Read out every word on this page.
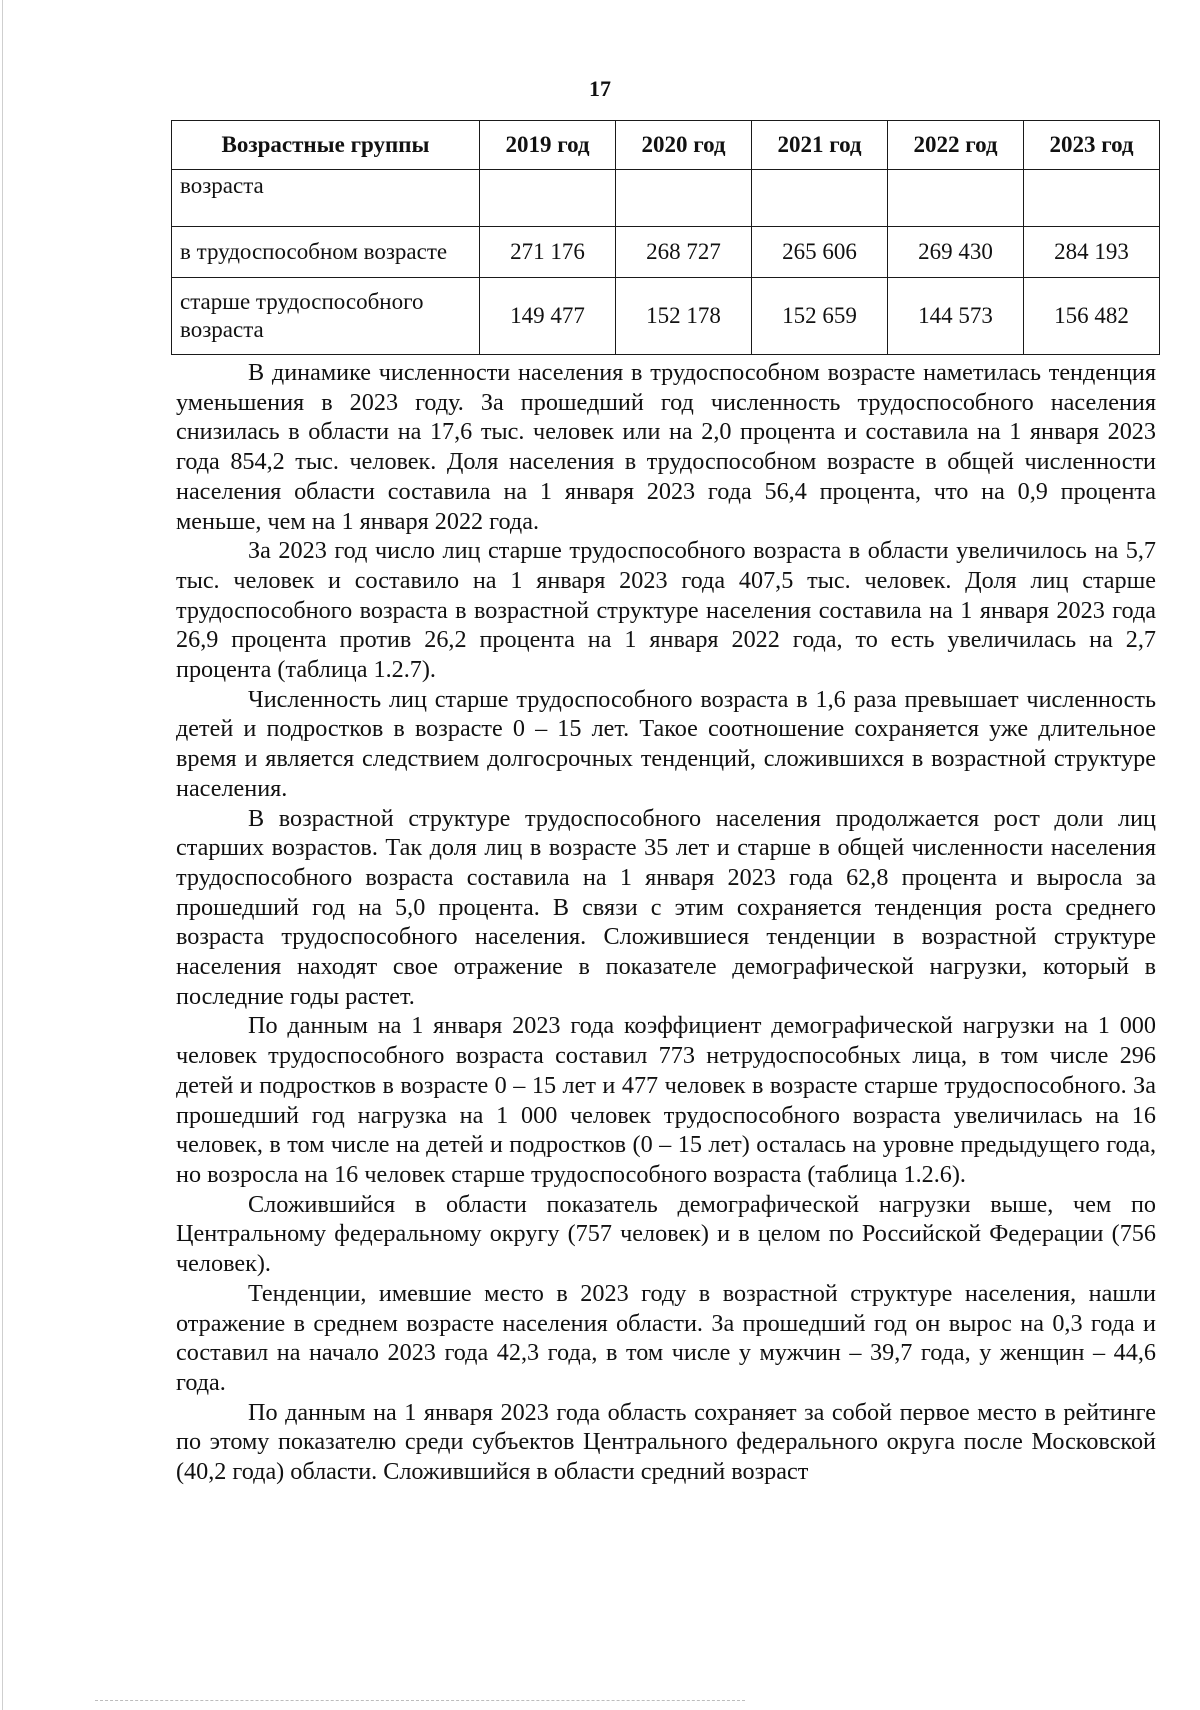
17
Возрастные группы	2019 год	2020 год	2021 год	2022 год	2023 год
возраста					
в трудоспособном возрасте	271 176	268 727	265 606	269 430	284 193
старше трудоспособного возраста	149 477	152 178	152 659	144 573	156 482

В динамике численности населения в трудоспособном возрасте наметилась тенденция уменьшения в 2023 году. За прошедший год численность трудоспособного населения снизилась в области на 17,6 тыс. человек или на 2,0 процента и составила на 1 января 2023 года 854,2 тыс. человек. Доля населения в трудоспособном возрасте в общей численности населения области составила на 1 января 2023 года 56,4 процента, что на 0,9 процента меньше, чем на 1 января 2022 года.

За 2023 год число лиц старше трудоспособного возраста в области увеличилось на 5,7 тыс. человек и составило на 1 января 2023 года 407,5 тыс. человек. Доля лиц старше трудоспособного возраста в возрастной структуре населения составила на 1 января 2023 года 26,9 процента против 26,2 процента на 1 января 2022 года, то есть увеличилась на 2,7 процента (таблица 1.2.7).

Численность лиц старше трудоспособного возраста в 1,6 раза превышает численность детей и подростков в возрасте 0 – 15 лет. Такое соотношение сохраняется уже длительное время и является следствием долгосрочных тенденций, сложившихся в возрастной структуре населения.

В возрастной структуре трудоспособного населения продолжается рост доли лиц старших возрастов. Так доля лиц в возрасте 35 лет и старше в общей численности населения трудоспособного возраста составила на 1 января 2023 года 62,8 процента и выросла за прошедший год на 5,0 процента. В связи с этим сохраняется тенденция роста среднего возраста трудоспособного населения. Сложившиеся тенденции в возрастной структуре населения находят свое отражение в показателе демографической нагрузки, который в последние годы растет.

По данным на 1 января 2023 года коэффициент демографической нагрузки на 1 000 человек трудоспособного возраста составил 773 нетрудоспособных лица, в том числе 296 детей и подростков в возрасте 0 – 15 лет и 477 человек в возрасте старше трудоспособного. За прошедший год нагрузка на 1 000 человек трудоспособного возраста увеличилась на 16 человек, в том числе на детей и подростков (0 – 15 лет) осталась на уровне предыдущего года, но возросла на 16 человек старше трудоспособного возраста (таблица 1.2.6).

Сложившийся в области показатель демографической нагрузки выше, чем по Центральному федеральному округу (757 человек) и в целом по Российской Федерации (756 человек).

Тенденции, имевшие место в 2023 году в возрастной структуре населения, нашли отражение в среднем возрасте населения области. За прошедший год он вырос на 0,3 года и составил на начало 2023 года 42,3 года, в том числе у мужчин – 39,7 года, у женщин – 44,6 года.

По данным на 1 января 2023 года область сохраняет за собой первое место в рейтинге по этому показателю среди субъектов Центрального федерального округа после Московской (40,2 года) области. Сложившийся в области средний возраст
